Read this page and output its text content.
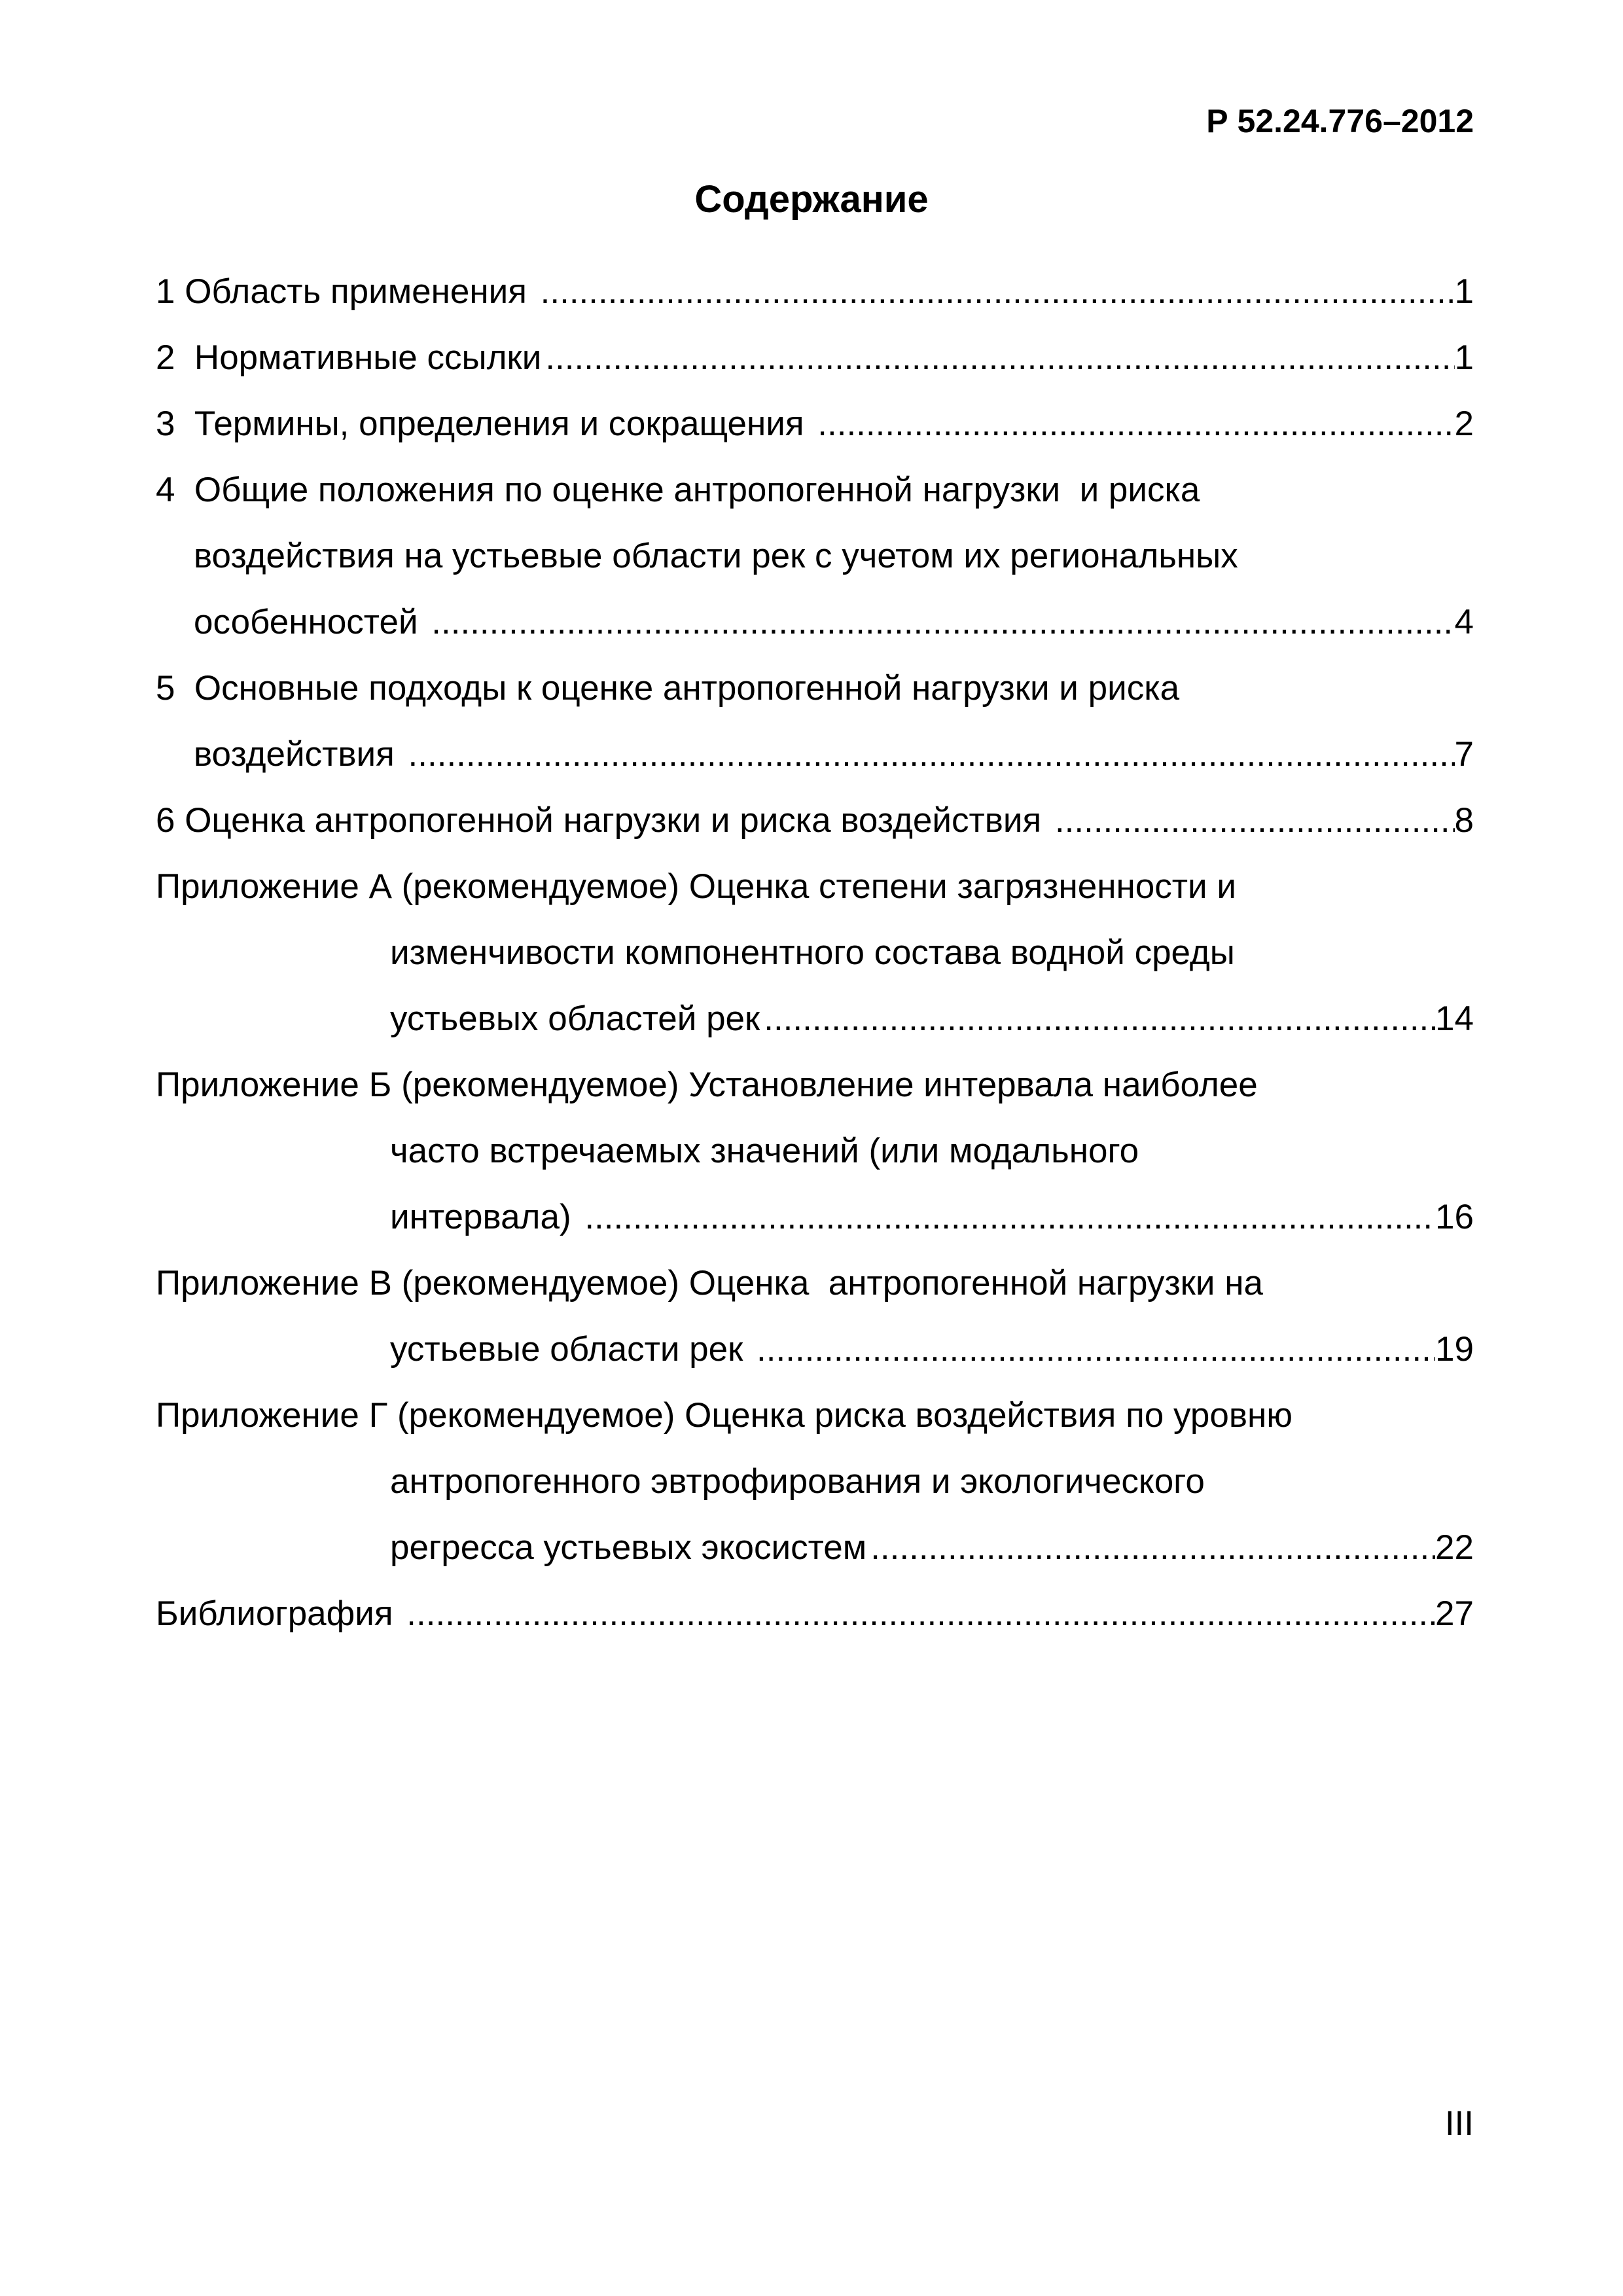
Р 52.24.776–2012
Содержание
1 Область применения .....	1
2  Нормативные ссылки .....	1
3  Термины, определения и сокращения .....	2
4  Общие положения по оценке антропогенной нагрузки  и риска
воздействия на устьевые области рек с учетом их региональных
особенностей .....	4
5  Основные подходы к оценке антропогенной нагрузки и риска
воздействия .....	7
6 Оценка антропогенной нагрузки и риска воздействия .....	8
Приложение А (рекомендуемое) Оценка степени загрязненности и
изменчивости компонентного состава водной среды
устьевых областей рек .....	14
Приложение Б (рекомендуемое) Установление интервала наиболее
часто встречаемых значений (или модального
интервала) .....	16
Приложение В (рекомендуемое) Оценка  антропогенной нагрузки на
устьевые области рек .....	19
Приложение Г (рекомендуемое) Оценка риска воздействия по уровню
антропогенного эвтрофирования и экологического
регресса устьевых экосистем .....	22
Библиография .....	27
III
